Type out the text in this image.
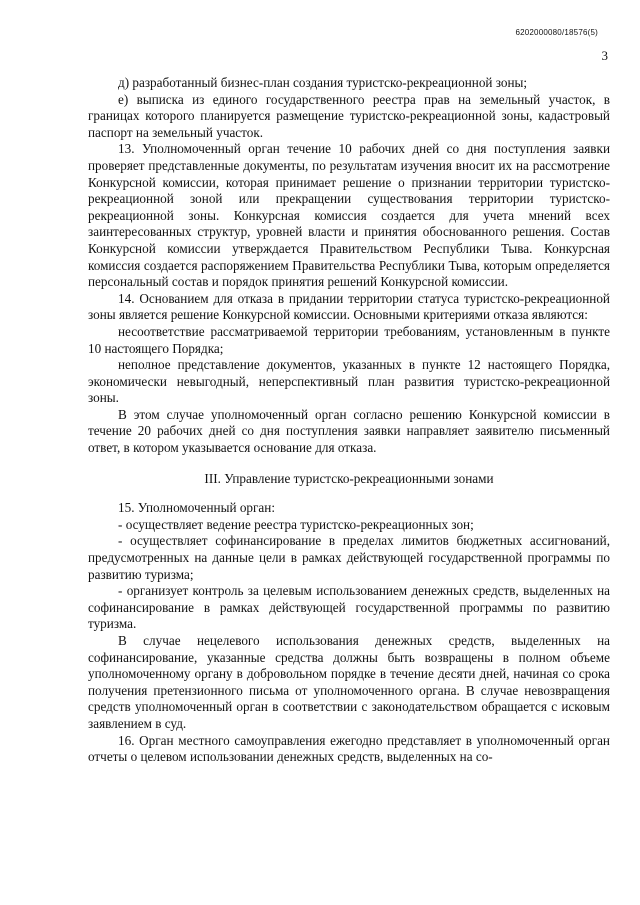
6202000080/18576(5)
3

д) разработанный бизнес-план создания туристско-рекреационной зоны;

е) выписка из единого государственного реестра прав на земельный участок, в границах которого планируется размещение туристско-рекреационной зоны, кадастровый паспорт на земельный участок.

13. Уполномоченный орган течение 10 рабочих дней со дня поступления заявки проверяет представленные документы, по результатам изучения вносит их на рассмотрение Конкурсной комиссии, которая принимает решение о признании территории туристско-рекреационной зоной или прекращении существования территории туристско-рекреационной зоны. Конкурсная комиссия создается для учета мнений всех заинтересованных структур, уровней власти и принятия обоснованного решения. Состав Конкурсной комиссии утверждается Правительством Республики Тыва. Конкурсная комиссия создается распоряжением Правительства Республики Тыва, которым определяется персональный состав и порядок принятия решений Конкурсной комиссии.

14. Основанием для отказа в придании территории статуса туристско-рекреационной зоны является решение Конкурсной комиссии. Основными критериями отказа являются:

несоответствие рассматриваемой территории требованиям, установленным в пункте 10 настоящего Порядка;

неполное представление документов, указанных в пункте 12 настоящего Порядка, экономически невыгодный, неперспективный план развития туристско-рекреационной зоны.

В этом случае уполномоченный орган согласно решению Конкурсной комиссии в течение 20 рабочих дней со дня поступления заявки направляет заявителю письменный ответ, в котором указывается основание для отказа.

III. Управление туристско-рекреационными зонами

15. Уполномоченный орган:

- осуществляет ведение реестра туристско-рекреационных зон;

- осуществляет софинансирование в пределах лимитов бюджетных ассигнований, предусмотренных на данные цели в рамках действующей государственной программы по развитию туризма;

- организует контроль за целевым использованием денежных средств, выделенных на софинансирование в рамках действующей государственной программы по развитию туризма.

В случае нецелевого использования денежных средств, выделенных на софинансирование, указанные средства должны быть возвращены в полном объеме уполномоченному органу в добровольном порядке в течение десяти дней, начиная со срока получения претензионного письма от уполномоченного органа. В случае невозвращения средств уполномоченный орган в соответствии с законодательством обращается с исковым заявлением в суд.

16. Орган местного самоуправления ежегодно представляет в уполномоченный орган отчеты о целевом использовании денежных средств, выделенных на со-
